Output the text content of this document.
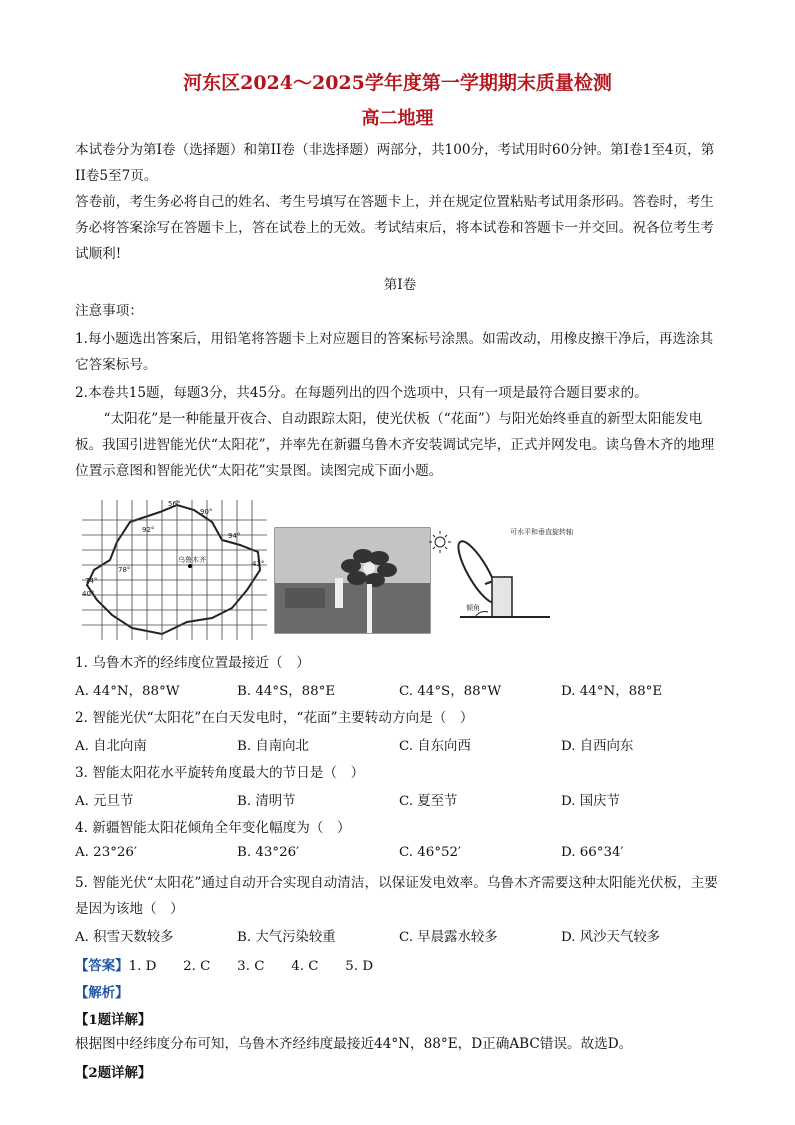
河东区2024～2025学年度第一学期期末质量检测
高二地理
本试卷分为第I卷（选择题）和第II卷（非选择题）两部分，共100分，考试用时60分钟。第I卷1至4页，第II卷5至7页。
答卷前，考生务必将自己的姓名、考生号填写在答题卡上，并在规定位置粘贴考试用条形码。答卷时，考生务必将答案涂写在答题卡上，答在试卷上的无效。考试结束后，将本试卷和答题卡一并交回。祝各位考生考试顺利!
第I卷
注意事项：
1.每小题选出答案后，用铅笔将答题卡上对应题目的答案标号涂黑。如需改动，用橡皮擦干净后，再选涂其它答案标号。
2.本卷共15题，每题3分，共45分。在每题列出的四个选项中，只有一项是最符合题目要求的。
“太阳花”是一种能量开夜合、自动跟踪太阳，使光伏板（“花面”）与阳光始终垂直的新型太阳能发电板。我国引进智能光伏“太阳花”，并率先在新疆乌鲁木齐安装调试完毕，正式并网发电。读乌鲁木齐的地理位置示意图和智能光伏“太阳花”实景图。读图完成下面小题。
乌鲁木齐
56°
90°
92°
94°
42°
78°
74°
40°
可水平和垂直旋转轴
倾角
1. 乌鲁木齐的经纬度位置最接近（　）
A. 44°N，88°W	B. 44°S，88°E	C. 44°S，88°W	D. 44°N，88°E
2. 智能光伏“太阳花”在白天发电时，“花面”主要转动方向是（　）
A. 自北向南	B. 自南向北	C. 自东向西	D. 自西向东
3. 智能太阳花水平旋转角度最大的节日是（　）
A. 元旦节	B. 清明节	C. 夏至节	D. 国庆节
4. 新疆智能太阳花倾角全年变化幅度为（　）
A. 23°26′	B. 43°26′	C. 46°52′	D. 66°34′
5. 智能光伏“太阳花”通过自动开合实现自动清洁，以保证发电效率。乌鲁木齐需要这种太阳能光伏板，主要是因为该地（　）
A. 积雪天数较多	B. 大气污染较重	C. 早晨露水较多	D. 风沙天气较多
【答案】1. D　　2. C　　3. C　　4. C　　5. D
【解析】
【1题详解】
根据图中经纬度分布可知，乌鲁木齐经纬度最接近44°N，88°E，D正确ABC错误。故选D。
【2题详解】
